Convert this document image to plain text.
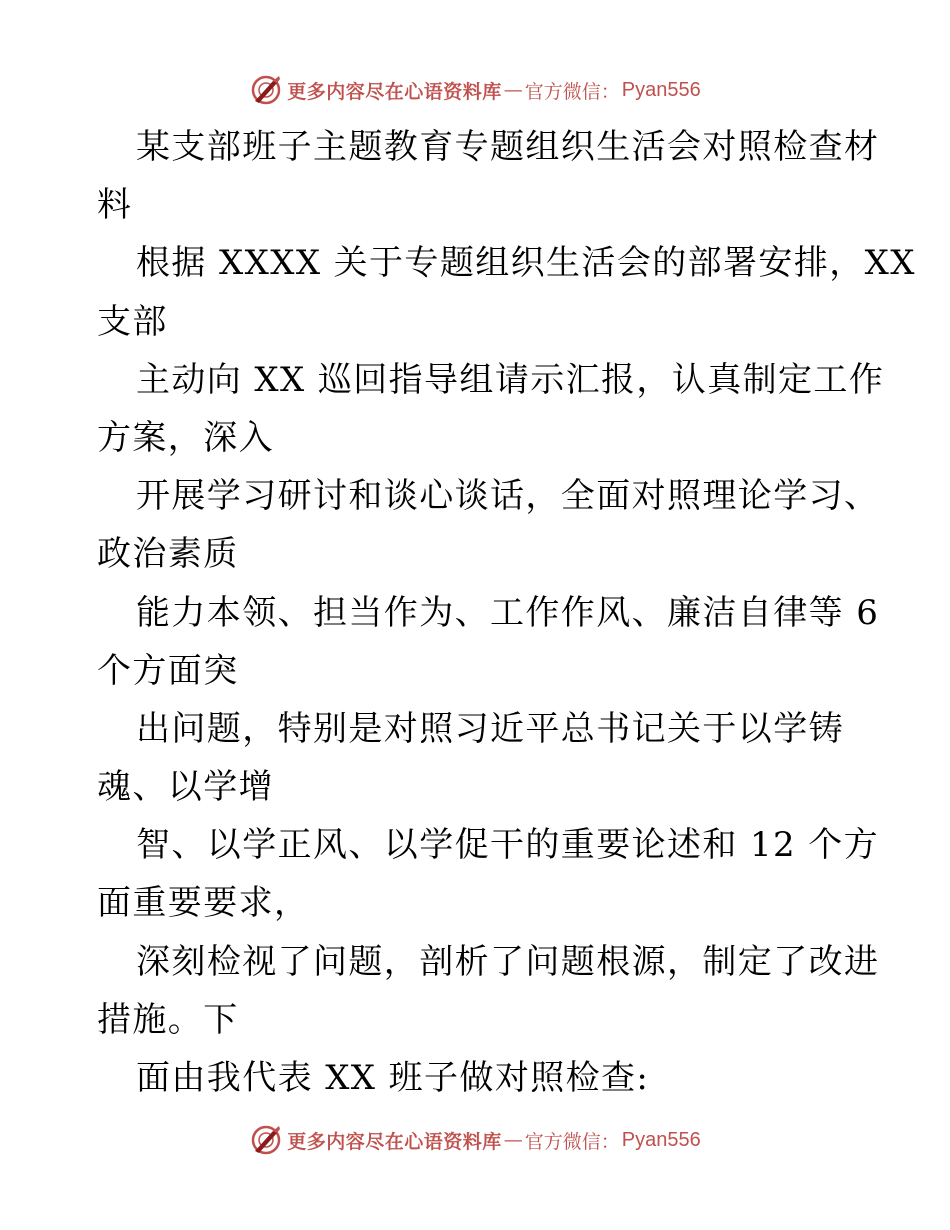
更多内容尽在心语资料库 — 官方微信： Pyan556
某支部班子主题教育专题组织生活会对照检查材
料
根据 XXXX 关于专题组织生活会的部署安排，XX
支部
主动向 XX 巡回指导组请示汇报，认真制定工作
方案，深入
开展学习研讨和谈心谈话，全面对照理论学习、
政治素质
能力本领、担当作为、工作作风、廉洁自律等 6
个方面突
出问题，特别是对照习近平总书记关于以学铸
魂、以学增
智、以学正风、以学促干的重要论述和 12 个方
面重要要求，
深刻检视了问题，剖析了问题根源，制定了改进
措施。下
面由我代表 XX 班子做对照检查:
更多内容尽在心语资料库 — 官方微信： Pyan556
